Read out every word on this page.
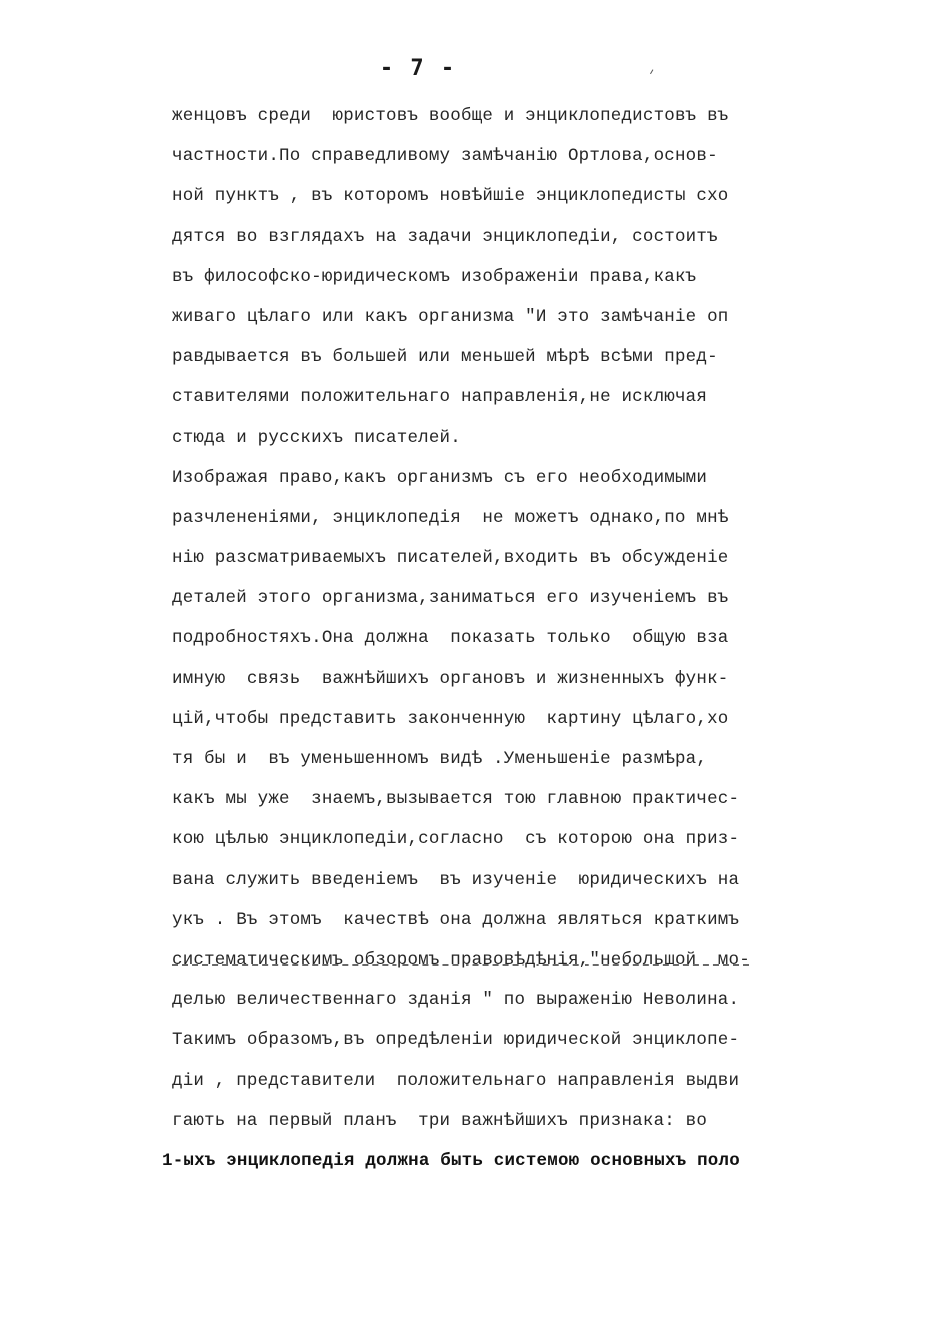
- 7 -
женцовъ среди  юристовъ вообще и энциклопедистовъ въ
частности.По справедливому замѣчанію Ортлова,основ-
ной пунктъ , въ которомъ новѣйшіе энциклопедисты схо
дятся во взглядахъ на задачи энциклопедіи, состоитъ
въ философско-юридическомъ изображеніи права,какъ
живаго цѣлаго или какъ организма "И это замѣчаніе оп
равдывается въ большей или меньшей мѣрѣ всѣми пред-
ставителями положительнаго направленія,не исключая
стюда и русскихъ писателей.
Изображая право,какъ организмъ съ его необходимыми
разчлененіями, энциклопедія  не можетъ однако,по мнѣ
нію разсматриваемыхъ писателей,входить въ обсужденіе
деталей этого организма,заниматься его изученіемъ въ
подробностяхъ.Она должна  показать только  общую вза
имную  связь  важнѣйшихъ органовъ и жизненныхъ функ-
цій,чтобы представить законченную  картину цѣлаго,хо
тя бы и  въ уменьшенномъ видѣ .Уменьшеніе размѣра,
какъ мы уже  знаемъ,вызывается тою главною практичес-
кою цѣлью энциклопедіи,согласно  съ которою она приз-
вана служить введеніемъ  въ изученіе  юридическихъ на
укъ . Въ этомъ  качествѣ она должна являться краткимъ
систематическимъ обзоромъ правовѣдѣнія,"небольшой  мо-
делью величественнаго зданія " по выраженію Неволина.
Такимъ образомъ,въ опредѣленіи юридической энциклопе-
діи , представители  положительнаго направленія выдви
гають на первый планъ  три важнѣйшихъ признака: во
1-ыхъ энциклопедія должна быть системою основныхъ поло
